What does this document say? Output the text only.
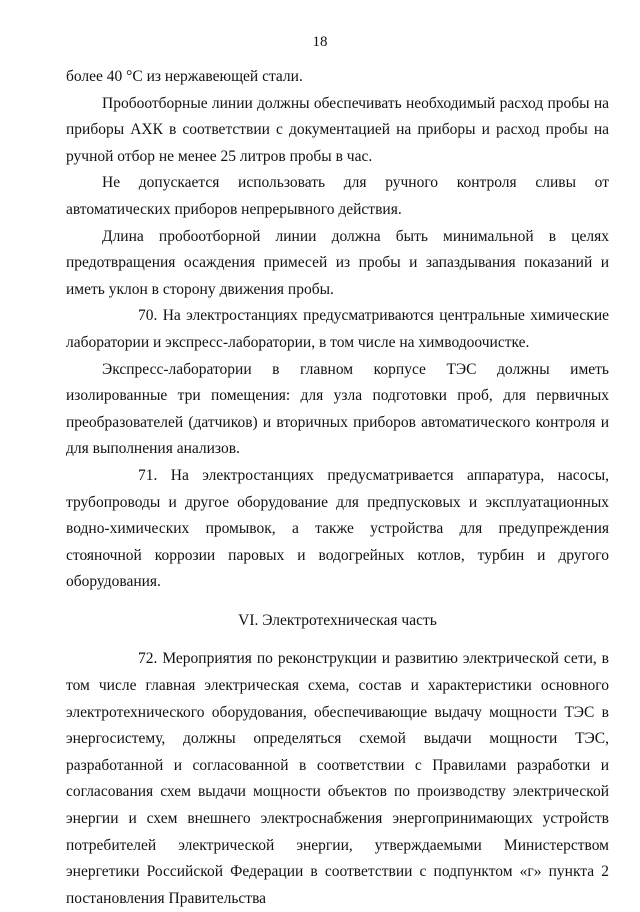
18

более 40 °С из нержавеющей стали.

Пробоотборные линии должны обеспечивать необходимый расход пробы на приборы АХК в соответствии с документацией на приборы и расход пробы на ручной отбор не менее 25 литров пробы в час.

Не допускается использовать для ручного контроля сливы от автоматических приборов непрерывного действия.

Длина пробоотборной линии должна быть минимальной в целях предотвращения осаждения примесей из пробы и запаздывания показаний и иметь уклон в сторону движения пробы.

70. На электростанциях предусматриваются центральные химические лаборатории и экспресс-лаборатории, в том числе на химводоочистке.

Экспресс-лаборатории в главном корпусе ТЭС должны иметь изолированные три помещения: для узла подготовки проб, для первичных преобразователей (датчиков) и вторичных приборов автоматического контроля и для выполнения анализов.

71. На электростанциях предусматривается аппаратура, насосы, трубопроводы и другое оборудование для предпусковых и эксплуатационных водно-химических промывок, а также устройства для предупреждения стояночной коррозии паровых и водогрейных котлов, турбин и другого оборудования.

VI. Электротехническая часть

72. Мероприятия по реконструкции и развитию электрической сети, в том числе главная электрическая схема, состав и характеристики основного электротехнического оборудования, обеспечивающие выдачу мощности ТЭС в энергосистему, должны определяться схемой выдачи мощности ТЭС, разработанной и согласованной в соответствии с Правилами разработки и согласования схем выдачи мощности объектов по производству электрической энергии и схем внешнего электроснабжения энергопринимающих устройств потребителей электрической энергии, утверждаемыми Министерством энергетики Российской Федерации в соответствии с подпунктом «г» пункта 2 постановления Правительства
